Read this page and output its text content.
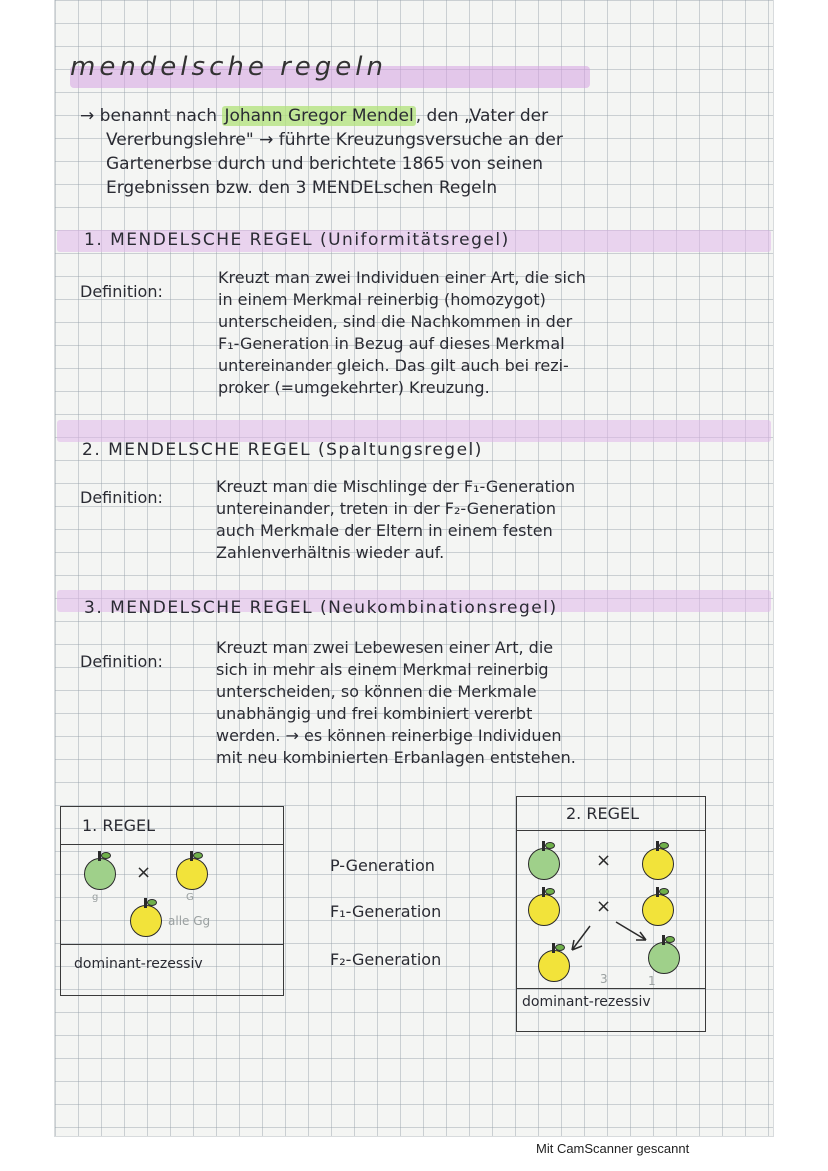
mendelsche regeln
→ benannt nach Johann Gregor Mendel , den „Vater der
Vererbungslehre" → führte Kreuzungsversuche an der
Gartenerbse durch und berichtete 1865 von seinen
Ergebnissen bzw. den 3 MENDELschen Regeln
1. MENDELSCHE REGEL (Uniformitätsregel)
Definition:
Kreuzt man zwei Individuen einer Art, die sich
in einem Merkmal reinerbig (homozygot)
unterscheiden, sind die Nachkommen in der
F₁-Generation in Bezug auf dieses Merkmal
untereinander gleich. Das gilt auch bei rezi-
proker (=umgekehrter) Kreuzung.
2. MENDELSCHE REGEL (Spaltungsregel)
Definition:
Kreuzt man die Mischlinge der F₁-Generation
untereinander, treten in der F₂-Generation
auch Merkmale der Eltern in einem festen
Zahlenverhältnis wieder auf.
3. MENDELSCHE REGEL (Neukombinationsregel)
Definition:
Kreuzt man zwei Lebewesen einer Art, die
sich in mehr als einem Merkmal reinerbig
unterscheiden, so können die Merkmale
unabhängig und frei kombiniert vererbt
werden. → es können reinerbige Individuen
mit neu kombinierten Erbanlagen entstehen.
1. REGEL
×
g	G
alle Gg
dominant-rezessiv
P-Generation
F₁-Generation
F₂-Generation
2. REGEL
×
×
3	1
dominant-rezessiv
Mit CamScanner gescannt
